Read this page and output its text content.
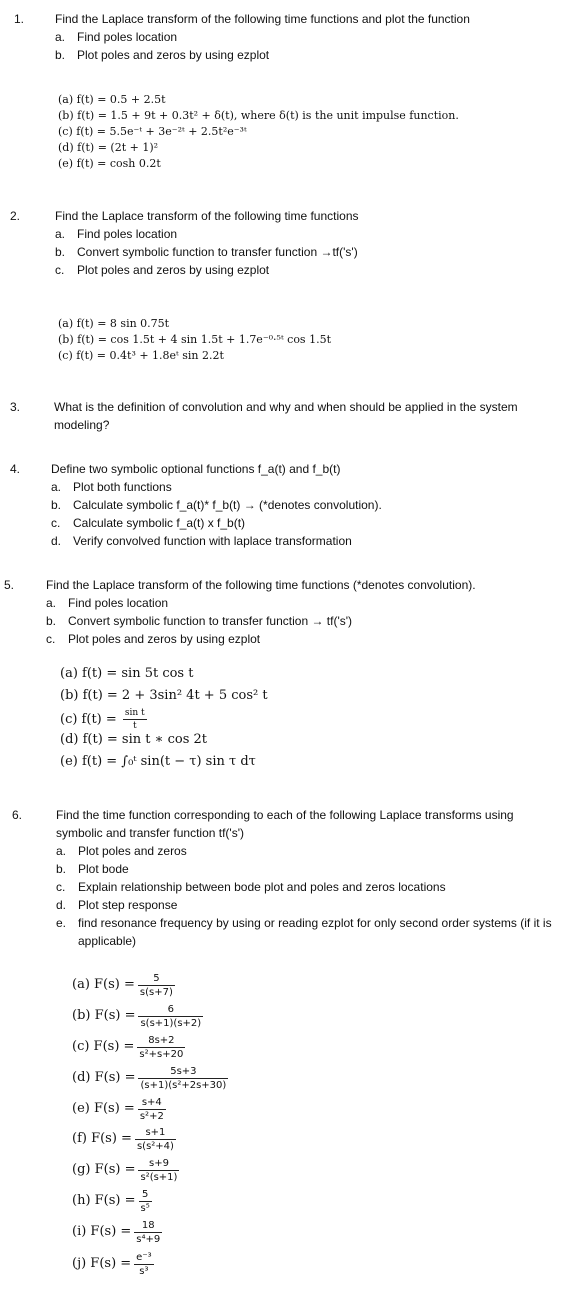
1.	Find the Laplace transform of the following time functions and plot the function
a. Find poles location
b. Plot poles and zeros by using ezplot
(a) f(t) = 0.5 + 2.5t
(b) f(t) = 1.5 + 9t + 0.3t² + δ(t), where δ(t) is the unit impulse function.
(c) f(t) = 5.5e⁻ᵗ + 3e⁻²ᵗ + 2.5t²e⁻³ᵗ
(d) f(t) = (2t + 1)²
(e) f(t) = cosh 0.2t
2.	Find the Laplace transform of the following time functions
a. Find poles location
b. Convert symbolic function to transfer function →tf('s')
c. Plot poles and zeros by using ezplot
(a) f(t) = 8 sin 0.75t
(b) f(t) = cos 1.5t + 4 sin 1.5t + 1.7e⁻⁰·⁵ᵗ cos 1.5t
(c) f(t) = 0.4t³ + 1.8eᵗ sin 2.2t
3.	What is the definition of convolution and why and when should be applied in the system modeling?
4.	Define two symbolic optional functions f_a(t) and f_b(t)
a. Plot both functions
b. Calculate symbolic f_a(t)* f_b(t) → (*denotes convolution).
c. Calculate symbolic f_a(t) x f_b(t)
d. Verify convolved function with laplace transformation
5.	Find the Laplace transform of the following time functions (*denotes convolution).
a. Find poles location
b. Convert symbolic function to transfer function → tf('s')
c. Plot poles and zeros by using ezplot
(a) f(t) = sin 5t cos t
(b) f(t) = 2 + 3sin² 4t + 5 cos² t
(c) $f(t) = \frac{\text{sin t}}{t}$
(d) f(t) = sin t ∗ cos 2t
(e) f(t) = ∫₀ᵗ sin(t − τ) sin τ dτ
6.	Find the time function corresponding to each of the following Laplace transforms using symbolic and transfer function tf('s')
a. Plot poles and zeros
b. Plot bode
c. Explain relationship between bode plot and poles and zeros locations
d. Plot step response
e. find resonance frequency by using or reading ezplot for only second order systems (if it is applicable)
(a) $F(s) = \frac{5}{s(s+7)}$
(b) $F(s) = \frac{6}{s(s+1)(s+2)}$
(c) $F(s) = \frac{8s+2}{\text{s²+s+20}}$
(d) $F(s) = \frac{5s+3}{\text{(s+1)(s²+2s+30)}}$
(e) $F(s) = \frac{s+4}{\text{s²+2}}$
(f) $F(s) = \frac{s+1}{\text{s(s²+4)}}$
(g) $F(s) = \frac{s+9}{\text{s²(s+1)}}$
(h) $F(s) = \frac{5}{\text{s⁵}}$
(i) $F(s) = \frac{18}{\text{s⁴+9}}$
(j) $F(s) = \frac{\text{e⁻³}}{\text{s³}}$
